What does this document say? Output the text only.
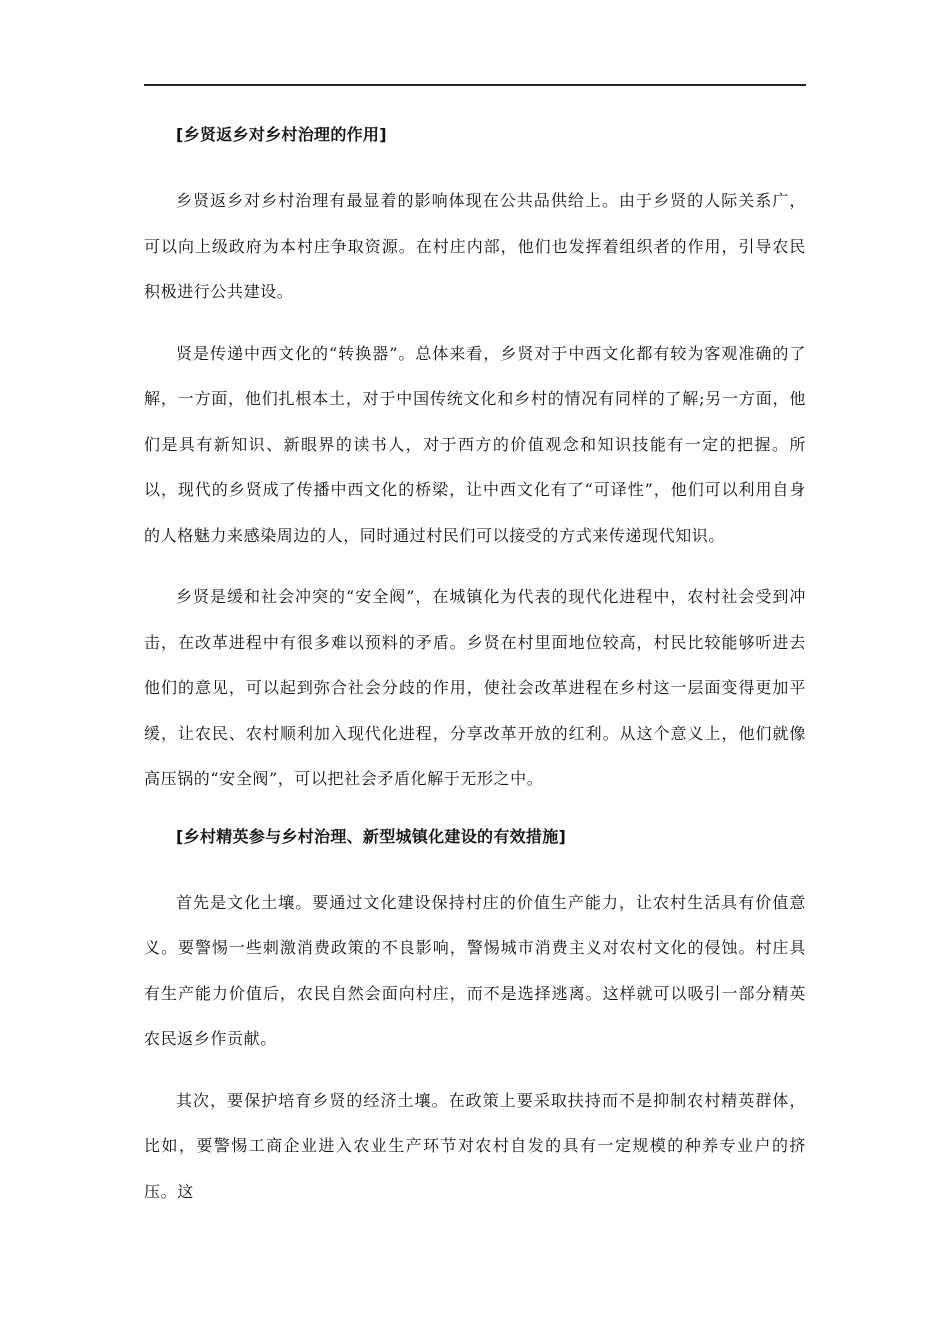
[乡贤返乡对乡村治理的作用]

乡贤返乡对乡村治理有最显着的影响体现在公共品供给上。由于乡贤的人际关系广，可以向上级政府为本村庄争取资源。在村庄内部，他们也发挥着组织者的作用，引导农民积极进行公共建设。

贤是传递中西文化的“转换器”。总体来看，乡贤对于中西文化都有较为客观准确的了解，一方面，他们扎根本土，对于中国传统文化和乡村的情况有同样的了解;另一方面，他们是具有新知识、新眼界的读书人，对于西方的价值观念和知识技能有一定的把握。所以，现代的乡贤成了传播中西文化的桥梁，让中西文化有了“可译性”，他们可以利用自身的人格魅力来感染周边的人，同时通过村民们可以接受的方式来传递现代知识。

乡贤是缓和社会冲突的“安全阀”，在城镇化为代表的现代化进程中，农村社会受到冲击，在改革进程中有很多难以预料的矛盾。乡贤在村里面地位较高，村民比较能够听进去他们的意见，可以起到弥合社会分歧的作用，使社会改革进程在乡村这一层面变得更加平缓，让农民、农村顺利加入现代化进程，分享改革开放的红利。从这个意义上，他们就像高压锅的“安全阀”，可以把社会矛盾化解于无形之中。

[乡村精英参与乡村治理、新型城镇化建设的有效措施]

首先是文化土壤。要通过文化建设保持村庄的价值生产能力，让农村生活具有价值意义。要警惕一些刺激消费政策的不良影响，警惕城市消费主义对农村文化的侵蚀。村庄具有生产能力价值后，农民自然会面向村庄，而不是选择逃离。这样就可以吸引一部分精英农民返乡作贡献。

其次，要保护培育乡贤的经济土壤。在政策上要采取扶持而不是抑制农村精英群体，比如，要警惕工商企业进入农业生产环节对农村自发的具有一定规模的种养专业户的挤压。这
